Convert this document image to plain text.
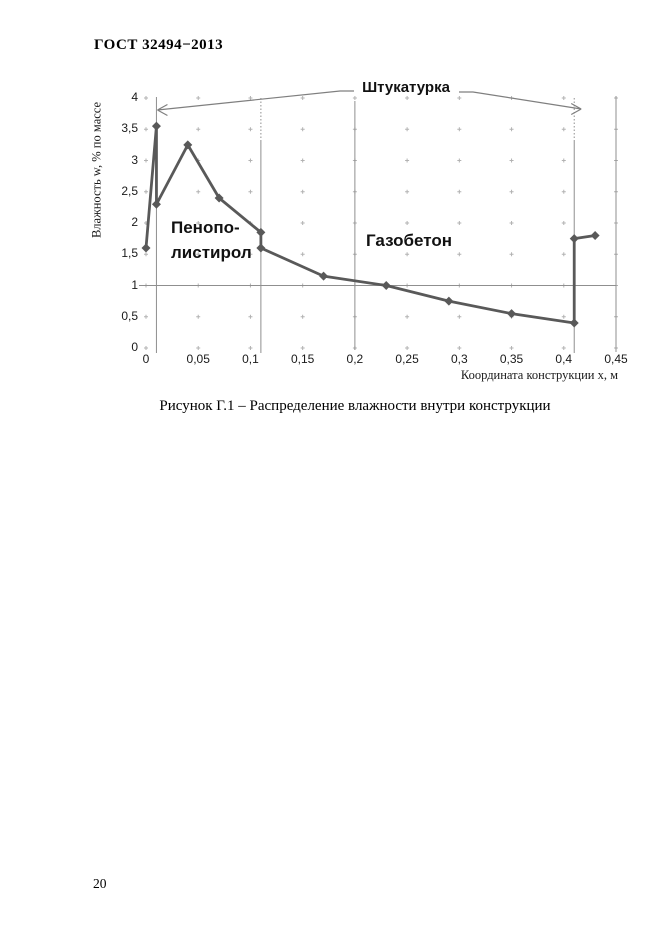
ГОСТ 32494−2013
Влажность w, % по массе
Координата конструкции x, м
Штукатурка
Пенопо-
листирол
Газобетон
0	0,05	0,1	0,15	0,2	0,25	0,3	0,35	0,4	0,45
0
0,5
1
1,5
2
2,5
3
3,5
4
Рисунок Г.1 – Распределение влажности внутри конструкции
20
